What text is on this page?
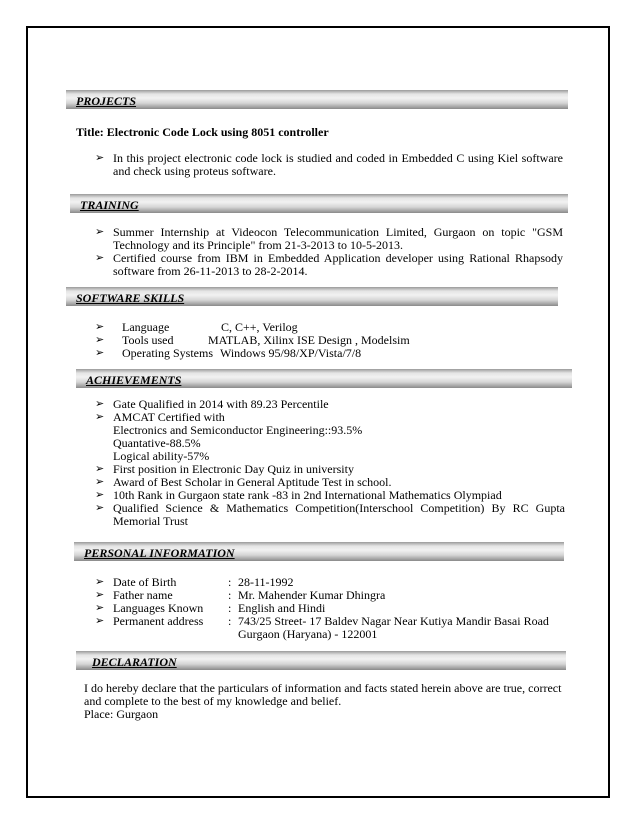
PROJECTS
Title: Electronic Code Lock using 8051 controller
➢ In this project electronic code lock is studied and coded in Embedded C using Kiel software and check using proteus software.
TRAINING
➢ Summer Internship at Videocon Telecommunication Limited, Gurgaon on topic "GSM Technology and its Principle" from 21-3-2013 to 10-5-2013.
➢ Certified course from IBM in Embedded Application developer using Rational Rhapsody software from 26-11-2013 to 28-2-2014.
SOFTWARE SKILLS
➢ Language	C, C++, Verilog
➢ Tools used	MATLAB, Xilinx ISE Design , Modelsim
➢ Operating Systems Windows 95/98/XP/Vista/7/8
ACHIEVEMENTS
➢ Gate Qualified in 2014 with 89.23 Percentile
➢ AMCAT Certified with
Electronics and Semiconductor Engineering::93.5%
Quantative-88.5%
Logical ability-57%
➢ First position in Electronic Day Quiz in university
➢ Award of Best Scholar in General Aptitude Test in school.
➢ 10th Rank in Gurgaon state rank -83 in 2nd International Mathematics Olympiad
➢ Qualified Science & Mathematics Competition(Interschool Competition) By RC Gupta Memorial Trust
PERSONAL INFORMATION
➢ Date of Birth	: 28-11-1992
➢ Father name	: Mr. Mahender Kumar Dhingra
➢ Languages Known : English and Hindi
➢ Permanent address : 743/25 Street- 17 Baldev Nagar Near Kutiya Mandir Basai Road
Gurgaon (Haryana) - 122001
DECLARATION
I do hereby declare that the particulars of information and facts stated herein above are true, correct and complete to the best of my knowledge and belief.
Place: Gurgaon
